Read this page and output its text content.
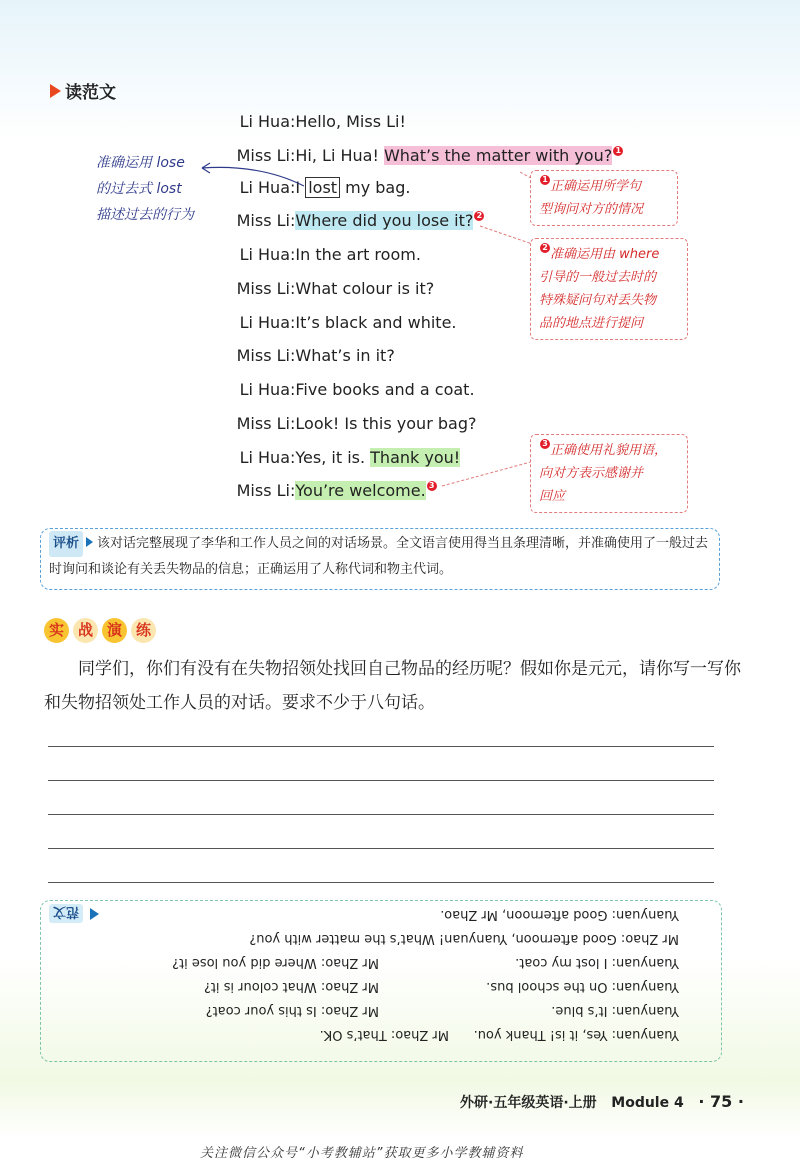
读范文
Li Hua:Hello, Miss Li!
Miss Li:Hi, Li Hua! What’s the matter with you? 1
Li Hua:I lost my bag.
Miss Li:Where did you lose it? 2
Li Hua:In the art room.
Miss Li:What colour is it?
Li Hua:It’s black and white.
Miss Li:What’s in it?
Li Hua:Five books and a coat.
Miss Li:Look! Is this your bag?
Li Hua:Yes, it is. Thank you!
Miss Li:You’re welcome. 3
准确运用 lose
的过去式 lost
描述过去的行为
1 正确运用所学句
型询问对方的情况
2 准确运用由 where
引导的一般过去时的
特殊疑问句对丢失物
品的地点进行提问
3 正确使用礼貌用语，
向对方表示感谢并
回应
评析 该对话完整展现了李华和工作人员之间的对话场景。全文语言使用得当且条理清晰，并准确使用了一般过去时询问和谈论有关丢失物品的信息；正确运用了人称代词和物主代词。
实 战 演 练
同学们，你们有没有在失物招领处找回自己物品的经历呢？假如你是元元，请你写一写你和失物招领处工作人员的对话。要求不少于八句话。
范文	Yuanyuan: Good afternoon, Mr Zhao.
Mr Zhao: Good afternoon, Yuanyuan! What’s the matter with you?
Yuanyuan: I lost my coat.
Mr Zhao: Where did you lose it?
Yuanyuan: On the school bus.
Mr Zhao: What colour is it?
Yuanyuan: It’s blue.
Mr Zhao: Is this your coat?
Yuanyuan: Yes, it is! Thank you.
Mr Zhao: That’s OK.
外研·五年级英语·上册 Module 4 · 75 ·
关注微信公众号“小考教辅站”获取更多小学教辅资料
